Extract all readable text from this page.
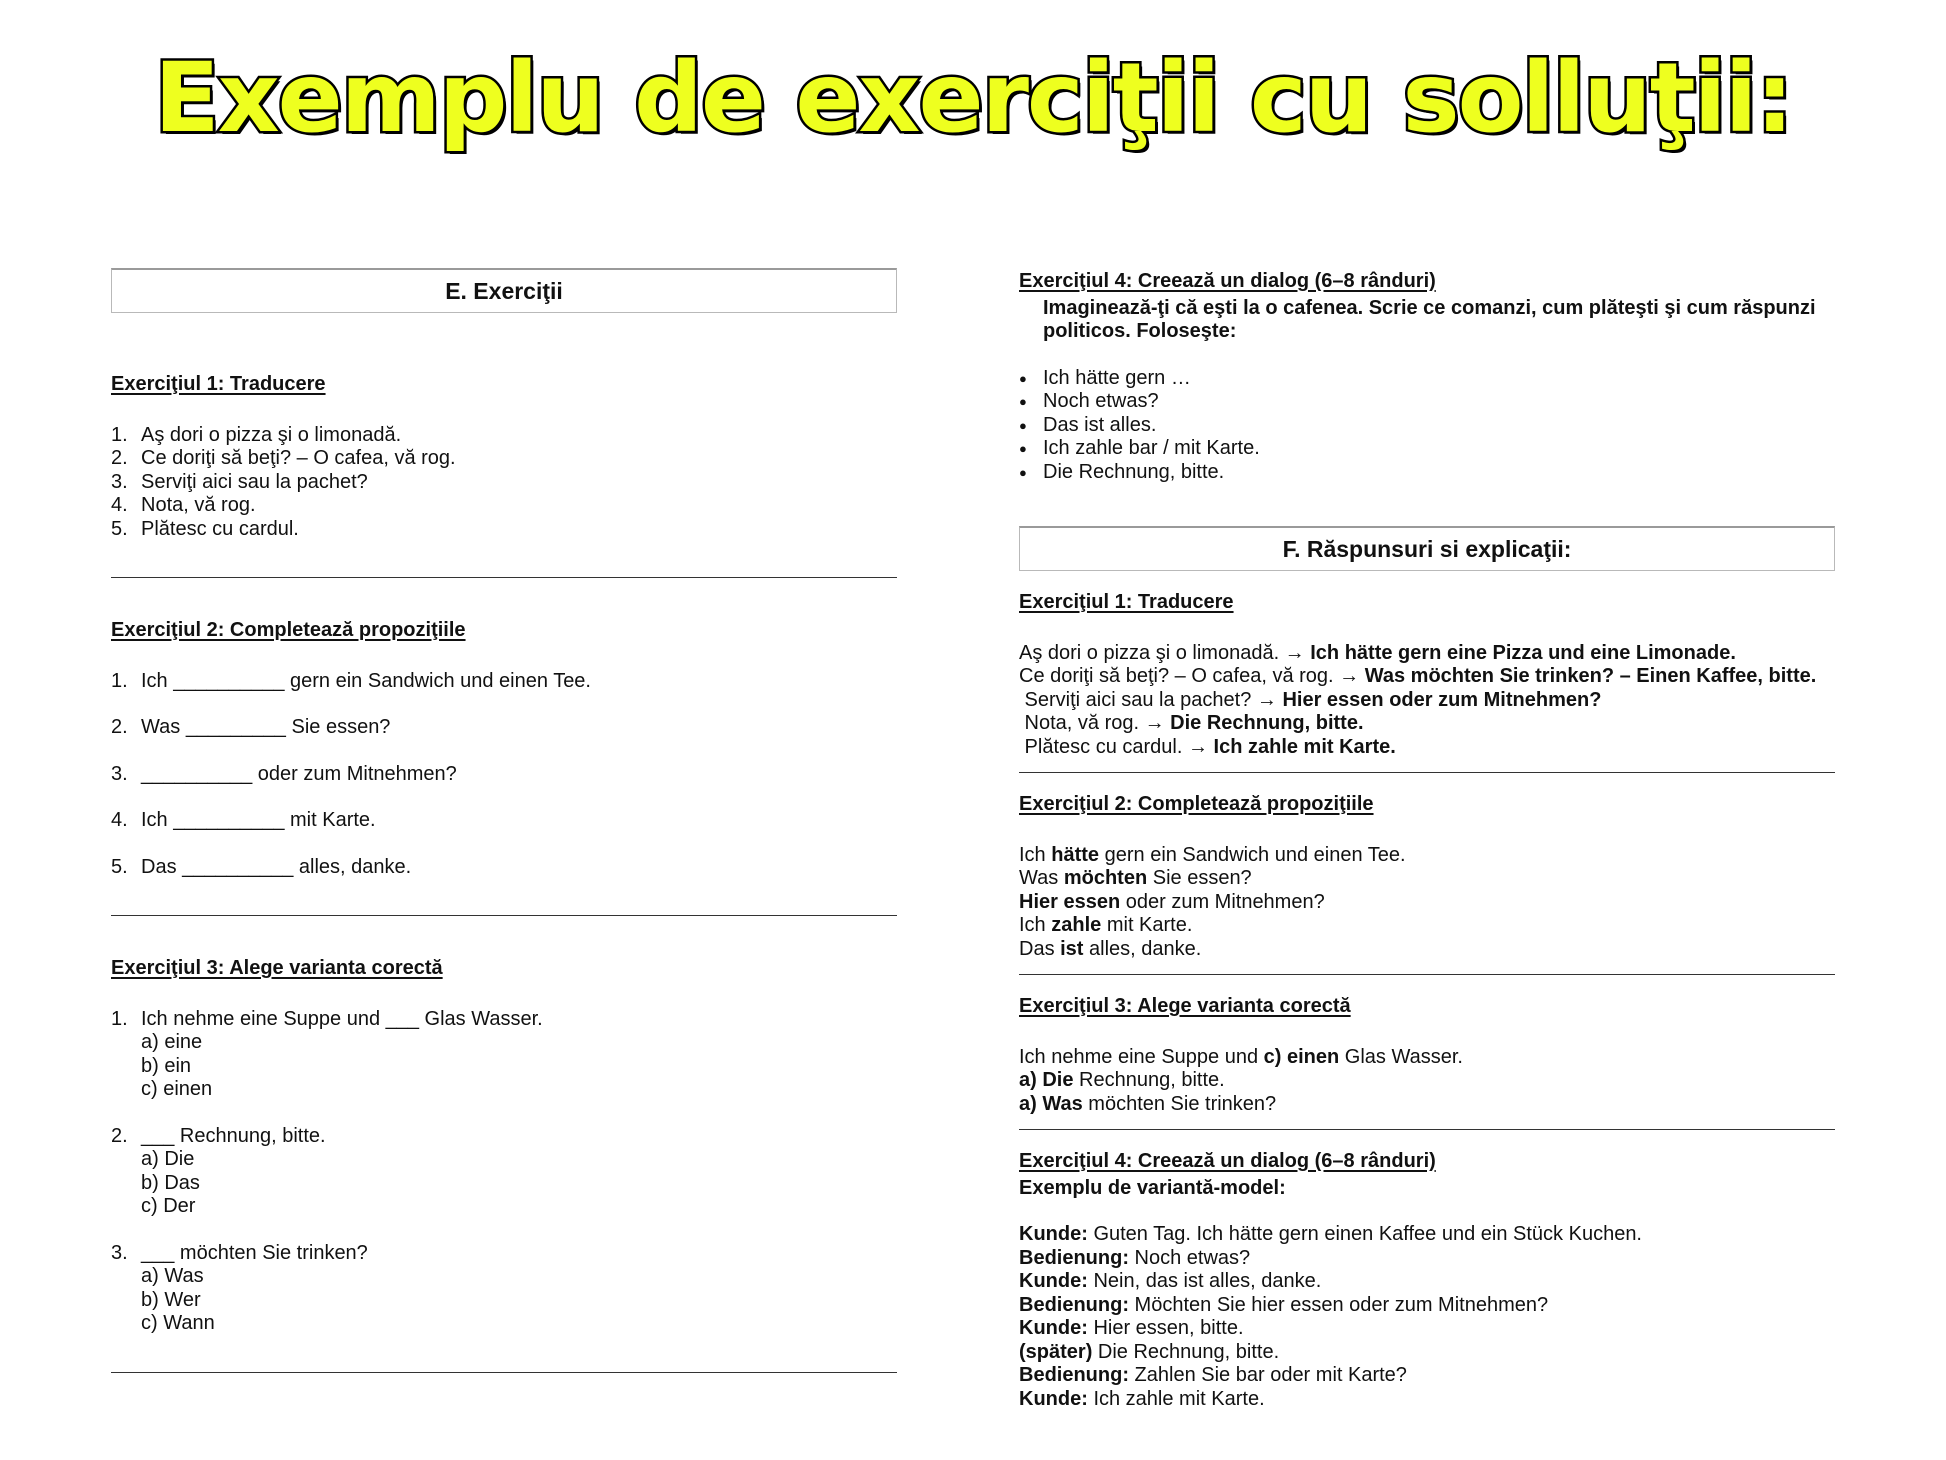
Exemplu de exerciţii cu solluţii:
E. Exerciţii

Exerciţiul 1: Traducere

1. Aş dori o pizza şi o limonadă.
2. Ce doriţi să beţi? – O cafea, vă rog.
3. Serviţi aici sau la pachet?
4. Nota, vă rog.
5. Plătesc cu cardul.

Exerciţiul 2: Completează propoziţiile

1. Ich __________ gern ein Sandwich und einen Tee.
2. Was _________ Sie essen?
3. __________ oder zum Mitnehmen?
4. Ich __________ mit Karte.
5. Das __________ alles, danke.

Exerciţiul 3: Alege varianta corectă

1. Ich nehme eine Suppe und ___ Glas Wasser.
a) eine
b) ein
c) einen
2. ___ Rechnung, bitte.
a) Die
b) Das
c) Der
3. ___ möchten Sie trinken?
a) Was
b) Wer
c) Wann

Exerciţiul 4: Creează un dialog (6–8 rânduri)

Imaginează-ţi că eşti la o cafenea. Scrie ce comanzi, cum plăteşti şi cum răspunzi politicos. Foloseşte:
● Ich hätte gern …
● Noch etwas?
● Das ist alles.
● Ich zahle bar / mit Karte.
● Die Rechnung, bitte.
F. Răspunsuri si explicaţii:

Exerciţiul 1: Traducere

Aş dori o pizza şi o limonadă. → Ich hätte gern eine Pizza und eine Limonade.
Ce doriţi să beţi? – O cafea, vă rog. → Was möchten Sie trinken? – Einen Kaffee, bitte.
Serviţi aici sau la pachet? → Hier essen oder zum Mitnehmen?
Nota, vă rog. → Die Rechnung, bitte.
Plătesc cu cardul. → Ich zahle mit Karte.

Exerciţiul 2: Completează propoziţiile

Ich hätte gern ein Sandwich und einen Tee.
Was möchten Sie essen?
Hier essen oder zum Mitnehmen?
Ich zahle mit Karte.
Das ist alles, danke.

Exerciţiul 3: Alege varianta corectă

Ich nehme eine Suppe und c) einen Glas Wasser.
a) Die Rechnung, bitte.
a) Was möchten Sie trinken?

Exerciţiul 4: Creează un dialog (6–8 rânduri)

Exemplu de variantă-model:
Kunde: Guten Tag. Ich hätte gern einen Kaffee und ein Stück Kuchen.
Bedienung: Noch etwas?
Kunde: Nein, das ist alles, danke.
Bedienung: Möchten Sie hier essen oder zum Mitnehmen?
Kunde: Hier essen, bitte.
(später) Die Rechnung, bitte.
Bedienung: Zahlen Sie bar oder mit Karte?
Kunde: Ich zahle mit Karte.
